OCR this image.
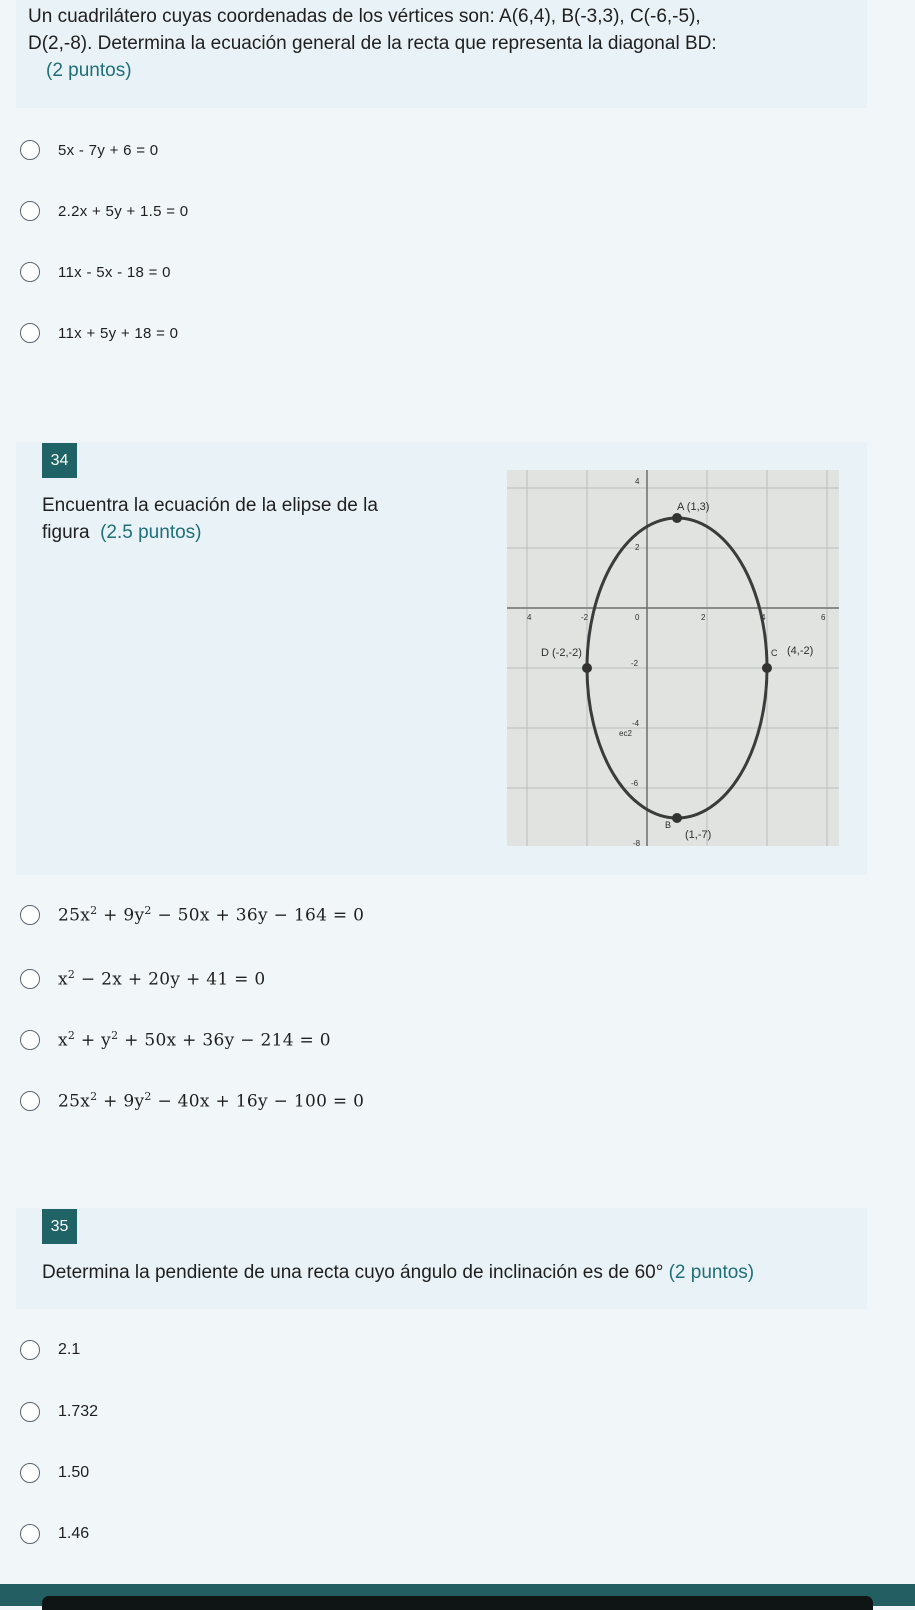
Un cuadrilátero cuyas coordenadas de los vértices son: A(6,4), B(-3,3), C(-6,-5),
D(2,-8). Determina la ecuación general de la recta que representa la diagonal BD:
(2 puntos)
5x - 7y + 6 = 0
2.2x + 5y + 1.5 = 0
11x - 5x - 18 = 0
11x + 5y + 18 = 0
34
Encuentra la ecuación de la elipse de la
figura (2.5 puntos)
4
A (1,3)
2
4	-2	0	2	4	6
D (-2,-2)	C (4,-2)
-2
-4
ec2
-6
B
(1,-7)
-8
$25x^2 + 9y^2 - 50x + 36y - 164 = 0$
$x^2 - 2x + 20y + 41 = 0$
$x^2 + y^2 + 50x + 36y - 214 = 0$
$25x^2 + 9y^2 - 40x + 16y - 100 = 0$
35
Determina la pendiente de una recta cuyo ángulo de inclinación es de 60° (2 puntos)
2.1
1.732
1.50
1.46
